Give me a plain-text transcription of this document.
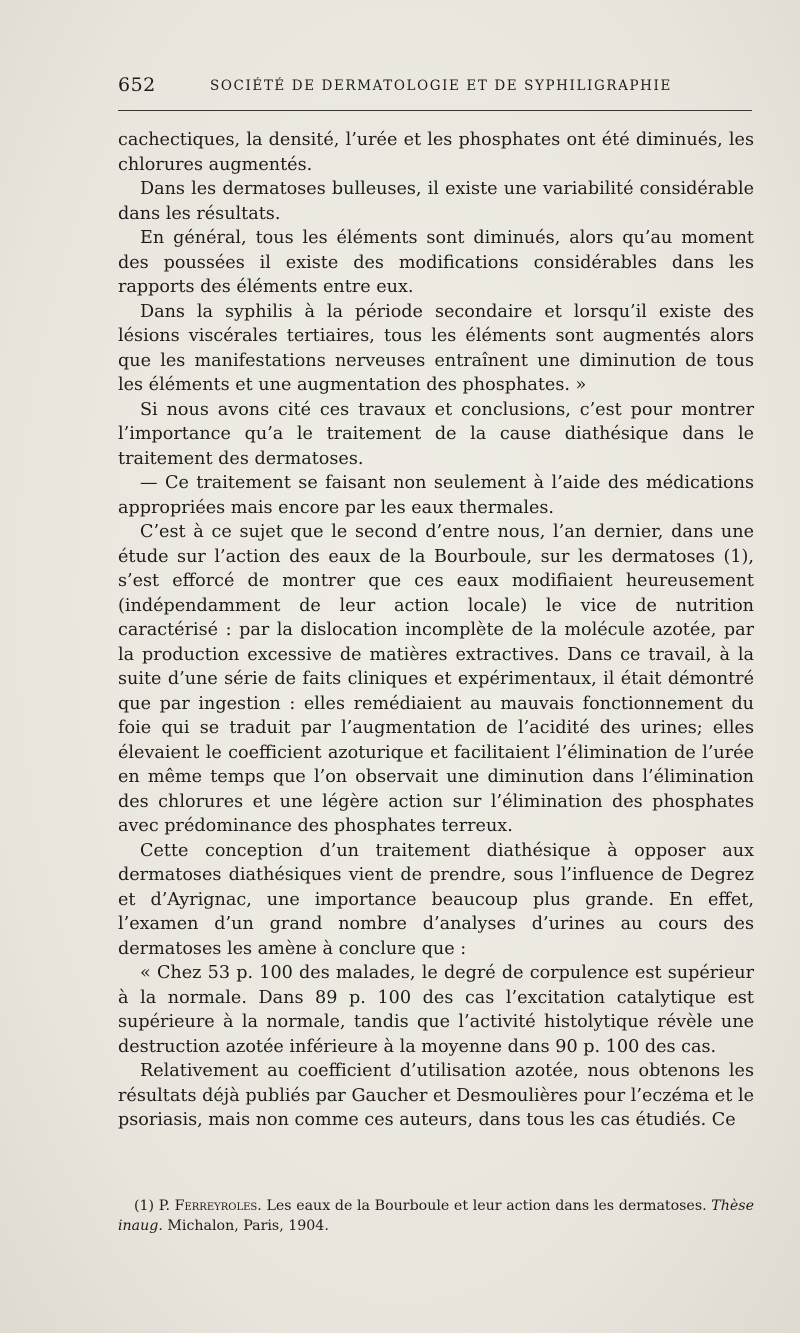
652	SOCIÉTÉ DE DERMATOLOGIE ET DE SYPHILIGRAPHIE

cachectiques, la densité, l’urée et les phosphates ont été diminués, les chlorures augmentés.

Dans les dermatoses bulleuses, il existe une variabilité considérable dans les résultats.

En général, tous les éléments sont diminués, alors qu’au moment des poussées il existe des modifications considérables dans les rapports des éléments entre eux.

Dans la syphilis à la période secondaire et lorsqu’il existe des lésions viscérales tertiaires, tous les éléments sont augmentés alors que les manifestations nerveuses entraînent une diminution de tous les éléments et une augmentation des phosphates. »

Si nous avons cité ces travaux et conclusions, c’est pour montrer l’importance qu’a le traitement de la cause diathésique dans le traitement des dermatoses.

— Ce traitement se faisant non seulement à l’aide des médications appropriées mais encore par les eaux thermales.

C’est à ce sujet que le second d’entre nous, l’an dernier, dans une étude sur l’action des eaux de la Bourboule, sur les dermatoses (1), s’est efforcé de montrer que ces eaux modifiaient heureusement (indépendamment de leur action locale) le vice de nutrition caractérisé : par la dislocation incomplète de la molécule azotée, par la production excessive de matières extractives. Dans ce travail, à la suite d’une série de faits cliniques et expérimentaux, il était démontré que par ingestion : elles remédiaient au mauvais fonctionnement du foie qui se traduit par l’augmentation de l’acidité des urines; elles élevaient le coefficient azoturique et facilitaient l’élimination de l’urée en même temps que l’on observait une diminution dans l’élimination des chlorures et une légère action sur l’élimination des phosphates avec prédominance des phosphates terreux.

Cette conception d’un traitement diathésique à opposer aux dermatoses diathésiques vient de prendre, sous l’influence de Degrez et d’Ayrignac, une importance beaucoup plus grande. En effet, l’examen d’un grand nombre d’analyses d’urines au cours des dermatoses les amène à conclure que :

« Chez 53 p. 100 des malades, le degré de corpulence est supérieur à la normale. Dans 89 p. 100 des cas l’excitation catalytique est supérieure à la normale, tandis que l’activité histolytique révèle une destruction azotée inférieure à la moyenne dans 90 p. 100 des cas.

Relativement au coefficient d’utilisation azotée, nous obtenons les résultats déjà publiés par Gaucher et Desmoulières pour l’eczéma et le psoriasis, mais non comme ces auteurs, dans tous les cas étudiés. Ce

(1) P. Ferreyroles. Les eaux de la Bourboule et leur action dans les dermatoses. Thèse inaug. Michalon, Paris, 1904.
